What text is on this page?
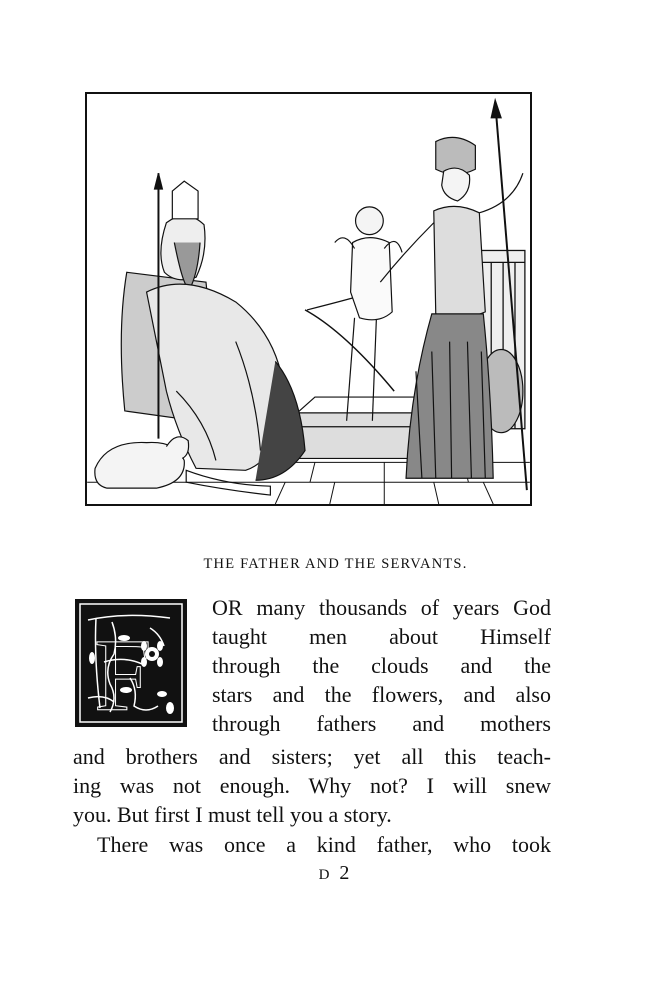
THE FATHER AND THE SERVANTS.
F
OR many thousands of years God
taught men about Himself
through the clouds and the
stars and the flowers, and also
through fathers and mothers
and brothers and sisters; yet all this teach-
ing was not enough. Why not? I will snew
you. But first I must tell you a story.
There was once a kind father, who took
D 2
